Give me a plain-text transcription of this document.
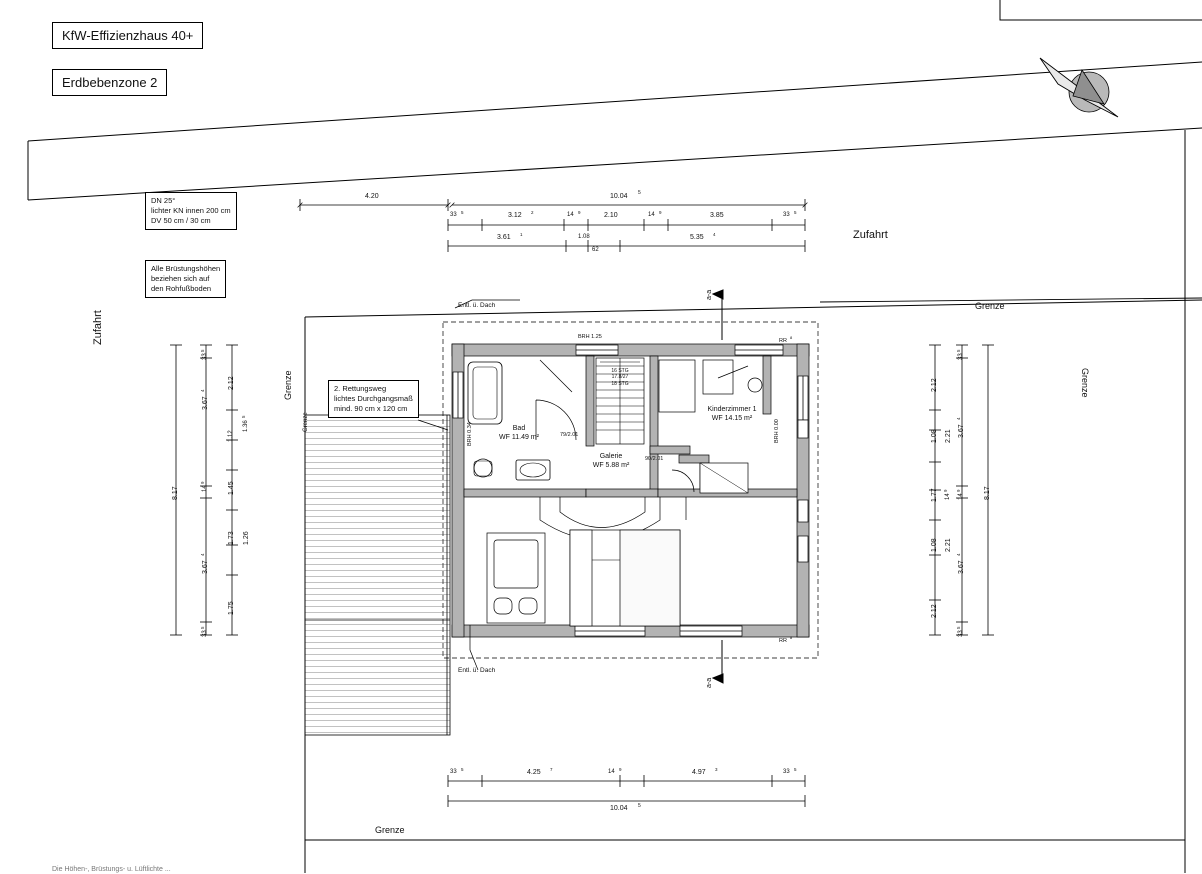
KfW-Effizienzhaus 40+
Erdbebenzone 2
DN 25°
lichter KN innen 200 cm
DV 50 cm / 30 cm
Alle Brüstungshöhen
beziehen sich auf
den Rohfußboden
2. Rettungsweg
lichtes Durchgangsmaß
mind. 90 cm x 120 cm
Zufahrt
Zufahrt
Grenze
Grenze	Grenze
Grenze
Grenze
Entl. ü. Dach
Entl. ü. Dach
a-a
a-a
Bad
WF 11.49 m²
Galerie
WF 5.88 m²
Kinderzimmer 1
WF 14.15 m²
BRH 1.25
BRH 0.34	BRH 0.00
RR
8
RR
8
79/2.01
90/2.01
16 STG
17.8/27
18 STG
4.20	10.04 5
33 5	3.12 2	14 9	2.10	14 9	3.85	33 5
3.61 1	1.08
62
5.35 4
33 5	4.25 7	14 9	4.97 3	33 5
10.04 5
8.17
33
5
3.67
4
14
9
3.67
4
33
5
2.12
1.12
1.36
5
1.45
1.73 1.26
1.75
8.17
33
5
3.67
4
14
9
3.67
4
33
5
2.12
1.08 2.21
1.77
1.08 2.21
2.12
14
9
Die Höhen-, Brüstungs- u. Lüftlichte ...
